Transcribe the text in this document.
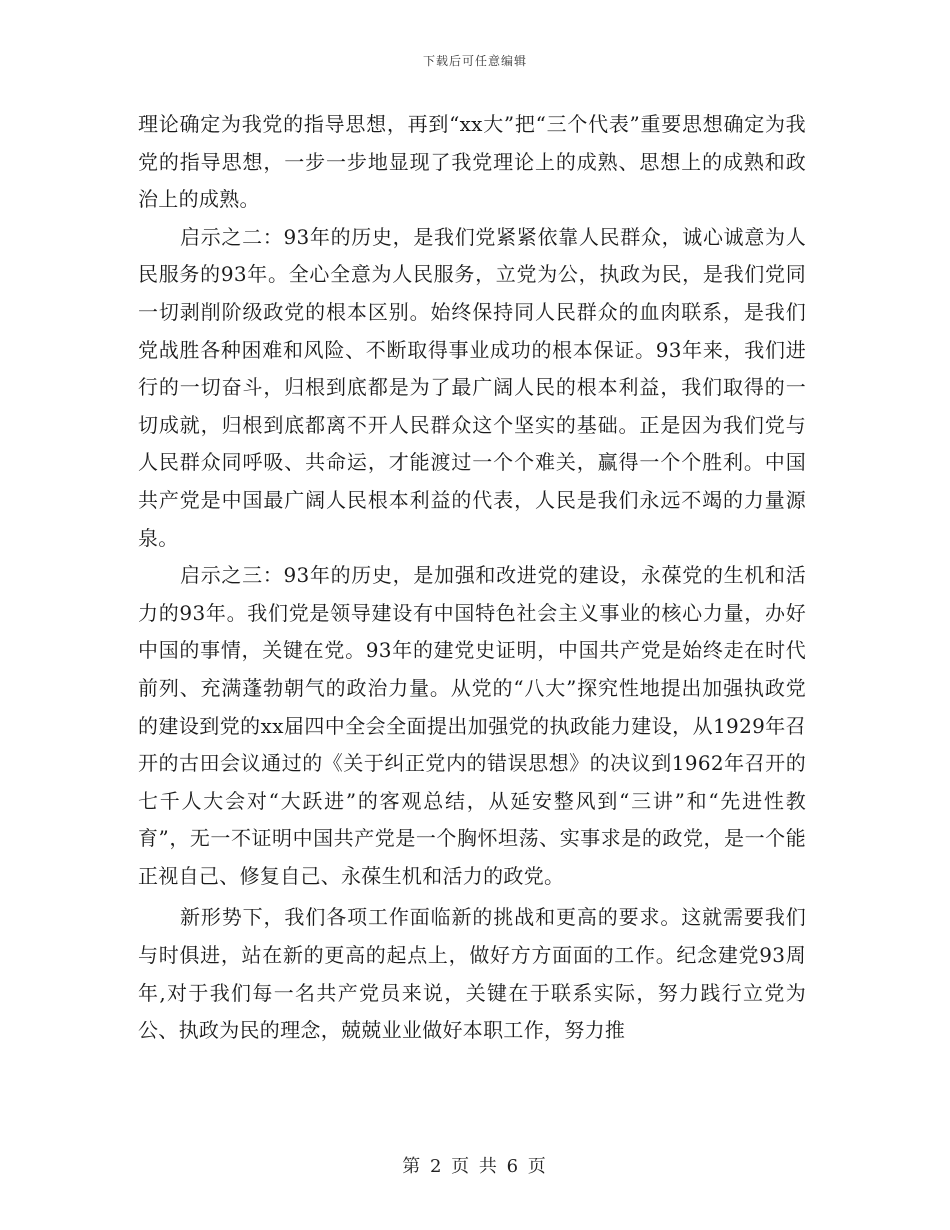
下载后可任意编辑

理论确定为我党的指导思想，再到“xx大”把“三个代表”重要思想确定为我党的指导思想，一步一步地显现了我党理论上的成熟、思想上的成熟和政治上的成熟。

启示之二：93年的历史，是我们党紧紧依靠人民群众，诚心诚意为人民服务的93年。全心全意为人民服务，立党为公，执政为民，是我们党同一切剥削阶级政党的根本区别。始终保持同人民群众的血肉联系，是我们党战胜各种困难和风险、不断取得事业成功的根本保证。93年来，我们进行的一切奋斗，归根到底都是为了最广阔人民的根本利益，我们取得的一切成就，归根到底都离不开人民群众这个坚实的基础。正是因为我们党与人民群众同呼吸、共命运，才能渡过一个个难关，赢得一个个胜利。中国共产党是中国最广阔人民根本利益的代表，人民是我们永远不竭的力量源泉。

启示之三：93年的历史，是加强和改进党的建设，永葆党的生机和活力的93年。我们党是领导建设有中国特色社会主义事业的核心力量，办好中国的事情，关键在党。93年的建党史证明，中国共产党是始终走在时代前列、充满蓬勃朝气的政治力量。从党的“八大”探究性地提出加强执政党的建设到党的xx届四中全会全面提出加强党的执政能力建设，从1929年召开的古田会议通过的《关于纠正党内的错误思想》的决议到1962年召开的七千人大会对“大跃进”的客观总结，从延安整风到“三讲”和“先进性教育”，无一不证明中国共产党是一个胸怀坦荡、实事求是的政党，是一个能正视自己、修复自己、永葆生机和活力的政党。

新形势下，我们各项工作面临新的挑战和更高的要求。这就需要我们与时俱进，站在新的更高的起点上，做好方方面面的工作。纪念建党93周年,对于我们每一名共产党员来说，关键在于联系实际，努力践行立党为公、执政为民的理念，兢兢业业做好本职工作，努力推

第 2 页 共 6 页
